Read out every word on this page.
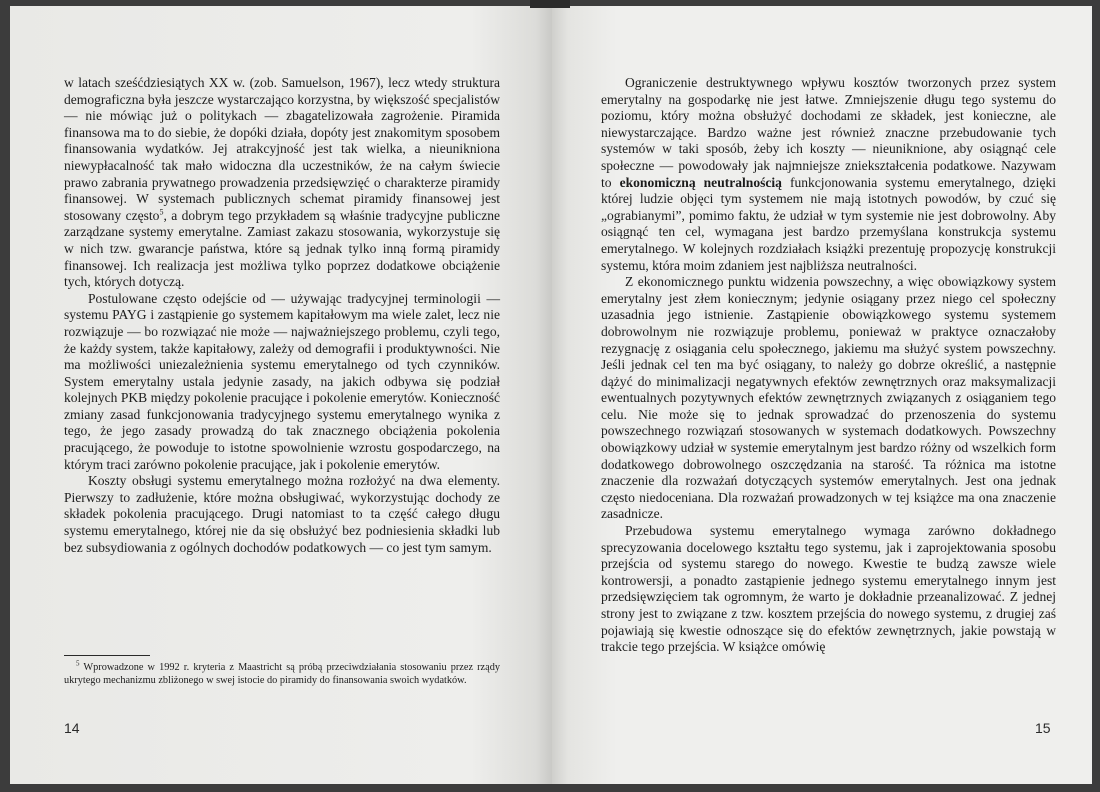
w latach sześćdziesiątych XX w. (zob. Samuelson, 1967), lecz wtedy struktura demograficzna była jeszcze wystarczająco korzystna, by większość specjalistów — nie mówiąc już o politykach — zbagatelizowała zagrożenie. Piramida finansowa ma to do siebie, że dopóki działa, dopóty jest znakomitym sposobem finansowania wydatków. Jej atrakcyjność jest tak wielka, a nieunikniona niewypłacalność tak mało widoczna dla uczestników, że na całym świecie prawo zabrania prywatnego prowadzenia przedsięwzięć o charakterze piramidy finansowej. W systemach publicznych schemat piramidy finansowej jest stosowany często$^5$, a dobrym tego przykładem są właśnie tradycyjne publiczne zarządzane systemy emerytalne. Zamiast zakazu stosowania, wykorzystuje się w nich tzw. gwarancje państwa, które są jednak tylko inną formą piramidy finansowej. Ich realizacja jest możliwa tylko poprzez dodatkowe obciążenie tych, których dotyczą.

Postulowane często odejście od — używając tradycyjnej terminologii — systemu PAYG i zastąpienie go systemem kapitałowym ma wiele zalet, lecz nie rozwiązuje — bo rozwiązać nie może — najważniejszego problemu, czyli tego, że każdy system, także kapitałowy, zależy od demografii i produktywności. Nie ma możliwości uniezależnienia systemu emerytalnego od tych czynników. System emerytalny ustala jedynie zasady, na jakich odbywa się podział kolejnych PKB między pokolenie pracujące i pokolenie emerytów. Konieczność zmiany zasad funkcjonowania tradycyjnego systemu emerytalnego wynika z tego, że jego zasady prowadzą do tak znacznego obciążenia pokolenia pracującego, że powoduje to istotne spowolnienie wzrostu gospodarczego, na którym traci zarówno pokolenie pracujące, jak i pokolenie emerytów.

Koszty obsługi systemu emerytalnego można rozłożyć na dwa elementy. Pierwszy to zadłużenie, które można obsługiwać, wykorzystując dochody ze składek pokolenia pracującego. Drugi natomiast to ta część całego długu systemu emerytalnego, której nie da się obsłużyć bez podniesienia składki lub bez subsydiowania z ogólnych dochodów podatkowych — co jest tym samym.

$^5$ Wprowadzone w 1992 r. kryteria z Maastricht są próbą przeciwdziałania stosowaniu przez rządy ukrytego mechanizmu zbliżonego w swej istocie do piramidy do finansowania swoich wydatków.

14

Ograniczenie destruktywnego wpływu kosztów tworzonych przez system emerytalny na gospodarkę nie jest łatwe. Zmniejszenie długu tego systemu do poziomu, który można obsłużyć dochodami ze składek, jest konieczne, ale niewystarczające. Bardzo ważne jest również znaczne przebudowanie tych systemów w taki sposób, żeby ich koszty — nieuniknione, aby osiągnąć cele społeczne — powodowały jak najmniejsze zniekształcenia podatkowe. Nazywam to ekonomiczną neutralnością funkcjonowania systemu emerytalnego, dzięki której ludzie objęci tym systemem nie mają istotnych powodów, by czuć się „ograbianymi”, pomimo faktu, że udział w tym systemie nie jest dobrowolny. Aby osiągnąć ten cel, wymagana jest bardzo przemyślana konstrukcja systemu emerytalnego. W kolejnych rozdziałach książki prezentuję propozycję konstrukcji systemu, która moim zdaniem jest najbliższa neutralności.

Z ekonomicznego punktu widzenia powszechny, a więc obowiązkowy system emerytalny jest złem koniecznym; jedynie osiągany przez niego cel społeczny uzasadnia jego istnienie. Zastąpienie obowiązkowego systemu systemem dobrowolnym nie rozwiązuje problemu, ponieważ w praktyce oznaczałoby rezygnację z osiągania celu społecznego, jakiemu ma służyć system powszechny. Jeśli jednak cel ten ma być osiągany, to należy go dobrze określić, a następnie dążyć do minimalizacji negatywnych efektów zewnętrznych oraz maksymalizacji ewentualnych pozytywnych efektów zewnętrznych związanych z osiąganiem tego celu. Nie może się to jednak sprowadzać do przenoszenia do systemu powszechnego rozwiązań stosowanych w systemach dodatkowych. Powszechny obowiązkowy udział w systemie emerytalnym jest bardzo różny od wszelkich form dodatkowego dobrowolnego oszczędzania na starość. Ta różnica ma istotne znaczenie dla rozważań dotyczących systemów emerytalnych. Jest ona jednak często niedoceniana. Dla rozważań prowadzonych w tej książce ma ona znaczenie zasadnicze.

Przebudowa systemu emerytalnego wymaga zarówno dokładnego sprecyzowania docelowego kształtu tego systemu, jak i zaprojektowania sposobu przejścia od systemu starego do nowego. Kwestie te budzą zawsze wiele kontrowersji, a ponadto zastąpienie jednego systemu emerytalnego innym jest przedsięwzięciem tak ogromnym, że warto je dokładnie przeanalizować. Z jednej strony jest to związane z tzw. kosztem przejścia do nowego systemu, z drugiej zaś pojawiają się kwestie odnoszące się do efektów zewnętrznych, jakie powstają w trakcie tego przejścia. W książce omówię

15
